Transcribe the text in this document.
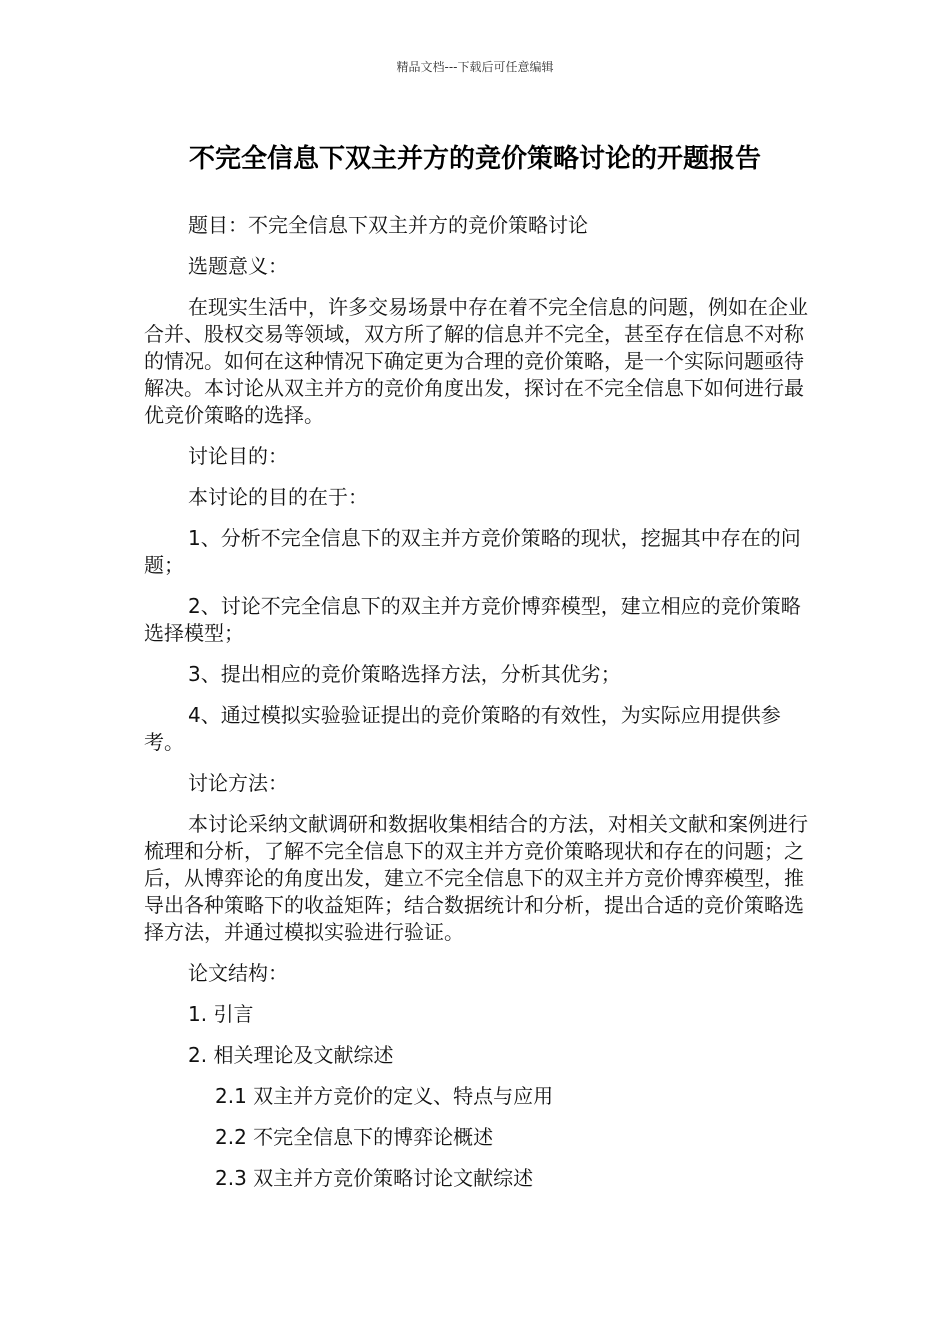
精品文档---下载后可任意编辑
不完全信息下双主并方的竞价策略讨论的开题报告

题目：不完全信息下双主并方的竞价策略讨论

选题意义：

在现实生活中，许多交易场景中存在着不完全信息的问题，例如在企业合并、股权交易等领域，双方所了解的信息并不完全，甚至存在信息不对称的情况。如何在这种情况下确定更为合理的竞价策略，是一个实际问题亟待解决。本讨论从双主并方的竞价角度出发，探讨在不完全信息下如何进行最优竞价策略的选择。

讨论目的：

本讨论的目的在于：

1、分析不完全信息下的双主并方竞价策略的现状，挖掘其中存在的问题；

2、讨论不完全信息下的双主并方竞价博弈模型，建立相应的竞价策略选择模型；

3、提出相应的竞价策略选择方法，分析其优劣；

4、通过模拟实验验证提出的竞价策略的有效性，为实际应用提供参考。

讨论方法：

本讨论采纳文献调研和数据收集相结合的方法，对相关文献和案例进行梳理和分析，了解不完全信息下的双主并方竞价策略现状和存在的问题；之后，从博弈论的角度出发，建立不完全信息下的双主并方竞价博弈模型，推导出各种策略下的收益矩阵；结合数据统计和分析，提出合适的竞价策略选择方法，并通过模拟实验进行验证。

论文结构：

1. 引言

2. 相关理论及文献综述

2.1 双主并方竞价的定义、特点与应用

2.2 不完全信息下的博弈论概述

2.3 双主并方竞价策略讨论文献综述
